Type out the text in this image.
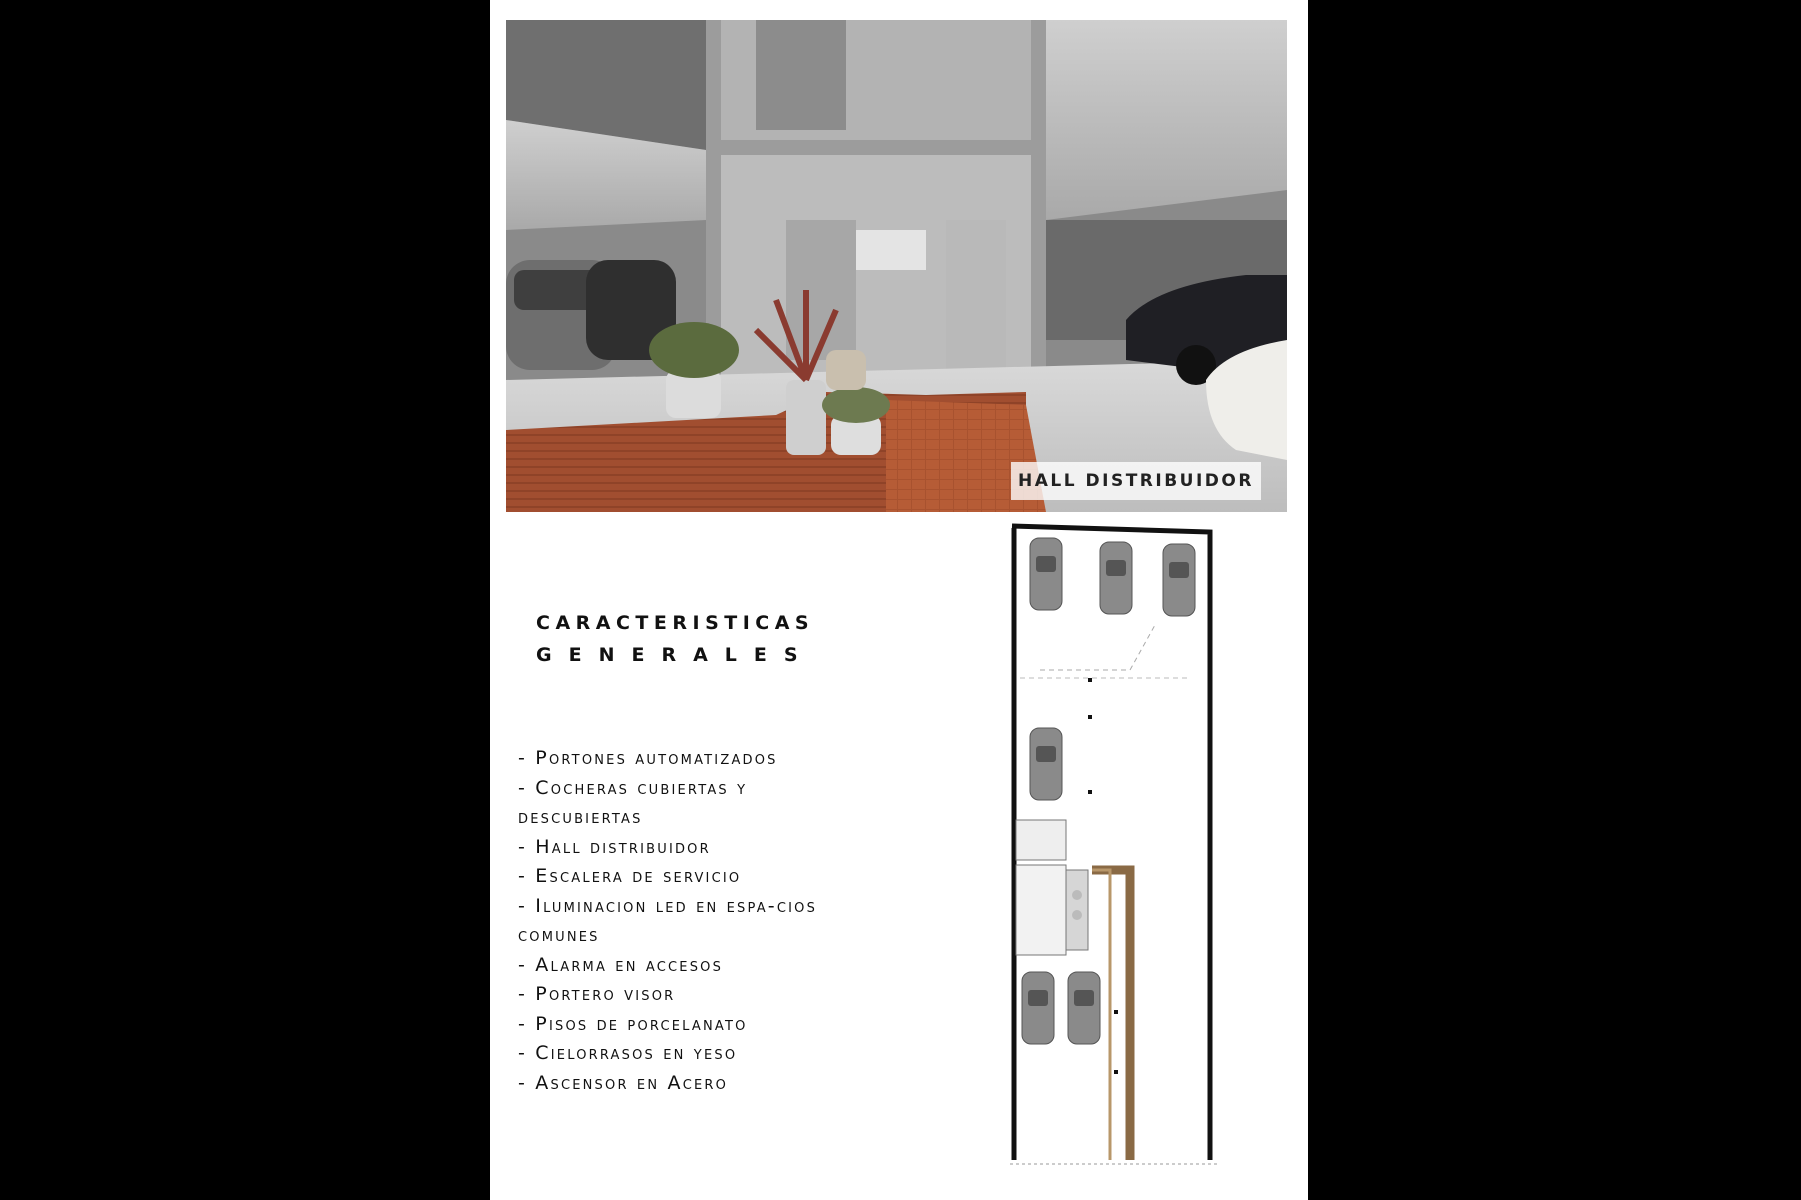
HALL DISTRIBUIDOR
CARACTERISTICAS
GENERALES
- Portones automatizados
- Cocheras cubiertas y descubiertas
- Hall distribuidor
- Escalera de servicio
- Iluminacion led en espa-cios comunes
- Alarma en accesos
- Portero visor
- Pisos de porcelanato
- Cielorrasos en yeso
- Ascensor en Acero
